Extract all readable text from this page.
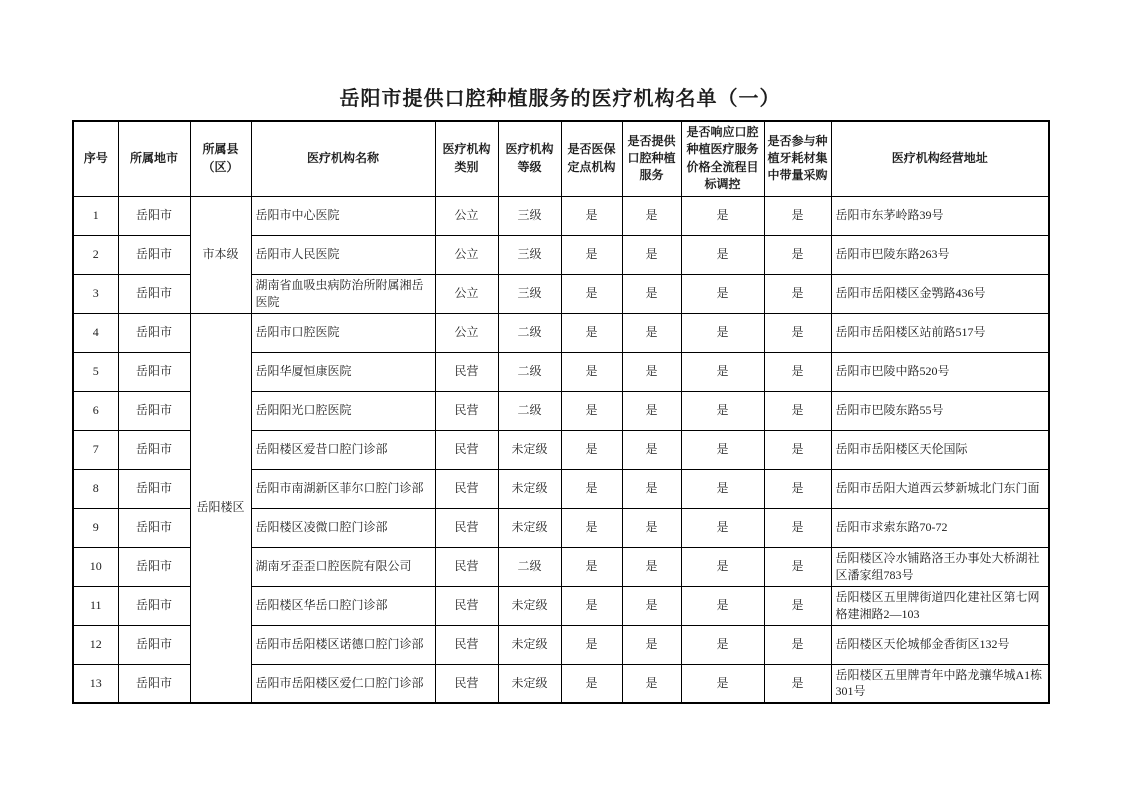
岳阳市提供口腔种植服务的医疗机构名单（一）
序号	所属地市	所属县（区）	医疗机构名称	医疗机构类别	医疗机构等级	是否医保定点机构	是否提供口腔种植服务	是否响应口腔种植医疗服务价格全流程目标调控	是否参与种植牙耗材集中带量采购	医疗机构经营地址
1	岳阳市	市本级	岳阳市中心医院	公立	三级	是	是	是	是	岳阳市东茅岭路39号
2	岳阳市		岳阳市人民医院	公立	三级	是	是	是	是	岳阳市巴陵东路263号
3	岳阳市		湖南省血吸虫病防治所附属湘岳医院	公立	三级	是	是	是	是	岳阳市岳阳楼区金鹗路436号
4	岳阳市	岳阳楼区	岳阳市口腔医院	公立	二级	是	是	是	是	岳阳市岳阳楼区站前路517号
5	岳阳市		岳阳华厦恒康医院	民营	二级	是	是	是	是	岳阳市巴陵中路520号
6	岳阳市		岳阳阳光口腔医院	民营	二级	是	是	是	是	岳阳市巴陵东路55号
7	岳阳市		岳阳楼区爱昔口腔门诊部	民营	未定级	是	是	是	是	岳阳市岳阳楼区天伦国际
8	岳阳市		岳阳市南湖新区菲尔口腔门诊部	民营	未定级	是	是	是	是	岳阳市岳阳大道西云梦新城北门东门面
9	岳阳市		岳阳楼区凌微口腔门诊部	民营	未定级	是	是	是	是	岳阳市求索东路70-72
10	岳阳市		湖南牙歪歪口腔医院有限公司	民营	二级	是	是	是	是	岳阳楼区冷水铺路洛王办事处大桥湖社区潘家组783号
11	岳阳市		岳阳楼区华岳口腔门诊部	民营	未定级	是	是	是	是	岳阳楼区五里牌街道四化建社区第七网格建湘路2—103
12	岳阳市		岳阳市岳阳楼区诺德口腔门诊部	民营	未定级	是	是	是	是	岳阳楼区天伦城郁金香街区132号
13	岳阳市		岳阳市岳阳楼区爱仁口腔门诊部	民营	未定级	是	是	是	是	岳阳楼区五里牌青年中路龙骧华城A1栋301号
